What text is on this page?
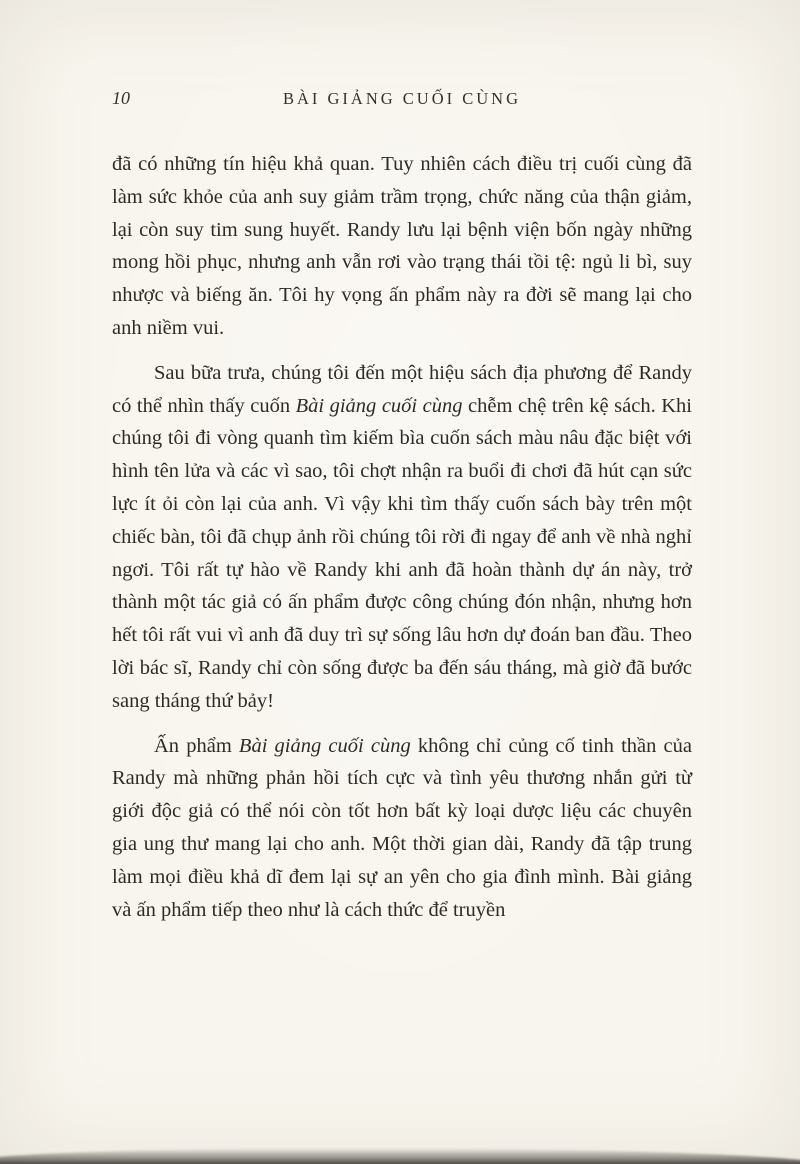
10	BÀI GIẢNG CUỐI CÙNG

đã có những tín hiệu khả quan. Tuy nhiên cách điều trị cuối cùng đã làm sức khỏe của anh suy giảm trầm trọng, chức năng của thận giảm, lại còn suy tim sung huyết. Randy lưu lại bệnh viện bốn ngày những mong hồi phục, nhưng anh vẫn rơi vào trạng thái tồi tệ: ngủ li bì, suy nhược và biếng ăn. Tôi hy vọng ấn phẩm này ra đời sẽ mang lại cho anh niềm vui.

Sau bữa trưa, chúng tôi đến một hiệu sách địa phương để Randy có thể nhìn thấy cuốn Bài giảng cuối cùng chễm chệ trên kệ sách. Khi chúng tôi đi vòng quanh tìm kiếm bìa cuốn sách màu nâu đặc biệt với hình tên lửa và các vì sao, tôi chợt nhận ra buổi đi chơi đã hút cạn sức lực ít ỏi còn lại của anh. Vì vậy khi tìm thấy cuốn sách bày trên một chiếc bàn, tôi đã chụp ảnh rồi chúng tôi rời đi ngay để anh về nhà nghỉ ngơi. Tôi rất tự hào về Randy khi anh đã hoàn thành dự án này, trở thành một tác giả có ấn phẩm được công chúng đón nhận, nhưng hơn hết tôi rất vui vì anh đã duy trì sự sống lâu hơn dự đoán ban đầu. Theo lời bác sĩ, Randy chỉ còn sống được ba đến sáu tháng, mà giờ đã bước sang tháng thứ bảy!

Ấn phẩm Bài giảng cuối cùng không chỉ củng cố tinh thần của Randy mà những phản hồi tích cực và tình yêu thương nhắn gửi từ giới độc giả có thể nói còn tốt hơn bất kỳ loại dược liệu các chuyên gia ung thư mang lại cho anh. Một thời gian dài, Randy đã tập trung làm mọi điều khả dĩ đem lại sự an yên cho gia đình mình. Bài giảng và ấn phẩm tiếp theo như là cách thức để truyền
